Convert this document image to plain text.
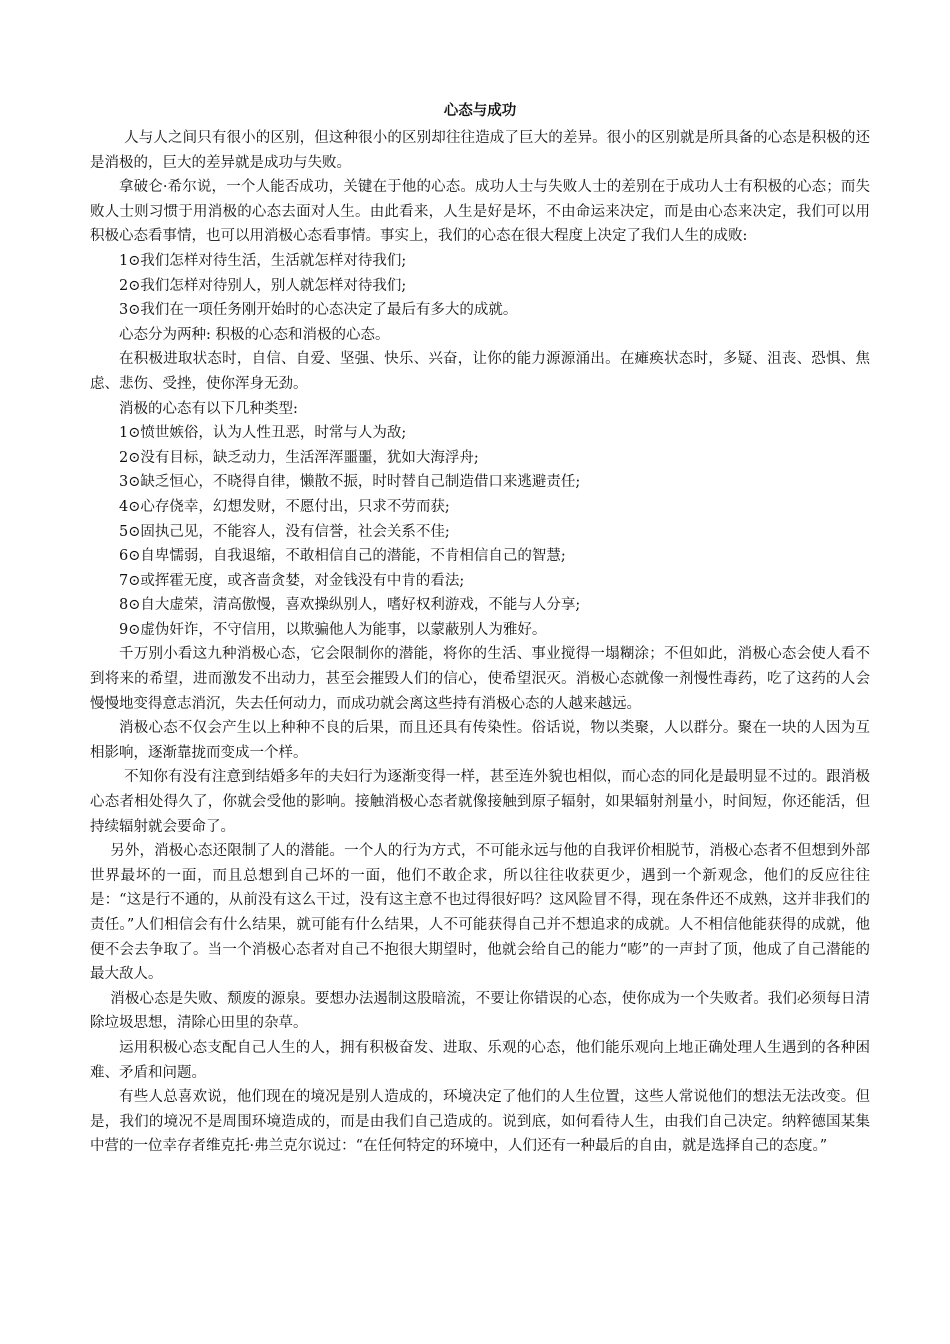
心态与成功

人与人之间只有很小的区别，但这种很小的区别却往往造成了巨大的差异。很小的区别就是所具备的心态是积极的还是消极的，巨大的差异就是成功与失败。

拿破仑·希尔说，一个人能否成功，关键在于他的心态。成功人士与失败人士的差别在于成功人士有积极的心态；而失败人士则习惯于用消极的心态去面对人生。由此看来，人生是好是坏，不由命运来决定，而是由心态来决定，我们可以用积极心态看事情，也可以用消极心态看事情。事实上，我们的心态在很大程度上决定了我们人生的成败:

1⊙我们怎样对待生活，生活就怎样对待我们;

2⊙我们怎样对待别人，别人就怎样对待我们;

3⊙我们在一项任务刚开始时的心态决定了最后有多大的成就。

心态分为两种: 积极的心态和消极的心态。

在积极进取状态时，自信、自爱、坚强、快乐、兴奋，让你的能力源源涌出。在瘫痪状态时，多疑、沮丧、恐惧、焦虑、悲伤、受挫，使你浑身无劲。

消极的心态有以下几种类型:

1⊙愤世嫉俗，认为人性丑恶，时常与人为敌;

2⊙没有目标，缺乏动力，生活浑浑噩噩，犹如大海浮舟;

3⊙缺乏恒心，不晓得自律，懒散不振，时时替自己制造借口来逃避责任;

4⊙心存侥幸，幻想发财，不愿付出，只求不劳而获;

5⊙固执己见，不能容人，没有信誉，社会关系不佳;

6⊙自卑懦弱，自我退缩，不敢相信自己的潜能，不肯相信自己的智慧;

7⊙或挥霍无度，或吝啬贪婪，对金钱没有中肯的看法;

8⊙自大虚荣，清高傲慢，喜欢操纵别人，嗜好权利游戏，不能与人分享;

9⊙虚伪奸诈，不守信用，以欺骗他人为能事，以蒙蔽别人为雅好。

千万别小看这九种消极心态，它会限制你的潜能，将你的生活、事业搅得一塌糊涂；不但如此，消极心态会使人看不到将来的希望，进而激发不出动力，甚至会摧毁人们的信心，使希望泯灭。消极心态就像一剂慢性毒药，吃了这药的人会慢慢地变得意志消沉，失去任何动力，而成功就会离这些持有消极心态的人越来越远。

消极心态不仅会产生以上种种不良的后果，而且还具有传染性。俗话说，物以类聚，人以群分。聚在一块的人因为互相影响，逐渐靠拢而变成一个样。

不知你有没有注意到结婚多年的夫妇行为逐渐变得一样，甚至连外貌也相似，而心态的同化是最明显不过的。跟消极心态者相处得久了，你就会受他的影响。接触消极心态者就像接触到原子辐射，如果辐射剂量小，时间短，你还能活，但持续辐射就会要命了。

另外，消极心态还限制了人的潜能。一个人的行为方式，不可能永远与他的自我评价相脱节，消极心态者不但想到外部世界最坏的一面，而且总想到自己坏的一面，他们不敢企求，所以往往收获更少，遇到一个新观念，他们的反应往往是：“这是行不通的，从前没有这么干过，没有这主意不也过得很好吗？这风险冒不得，现在条件还不成熟，这并非我们的责任。”人们相信会有什么结果，就可能有什么结果，人不可能获得自己并不想追求的成就。人不相信他能获得的成就，他便不会去争取了。当一个消极心态者对自己不抱很大期望时，他就会给自己的能力“嘭”的一声封了顶，他成了自己潜能的最大敌人。

消极心态是失败、颓废的源泉。要想办法遏制这股暗流，不要让你错误的心态，使你成为一个失败者。我们必须每日清除垃圾思想，清除心田里的杂草。

运用积极心态支配自己人生的人，拥有积极奋发、进取、乐观的心态，他们能乐观向上地正确处理人生遇到的各种困难、矛盾和问题。

有些人总喜欢说，他们现在的境况是别人造成的，环境决定了他们的人生位置，这些人常说他们的想法无法改变。但是，我们的境况不是周围环境造成的，而是由我们自己造成的。说到底，如何看待人生，由我们自己决定。纳粹德国某集中营的一位幸存者维克托·弗兰克尔说过：“在任何特定的环境中，人们还有一种最后的自由，就是选择自己的态度。”
